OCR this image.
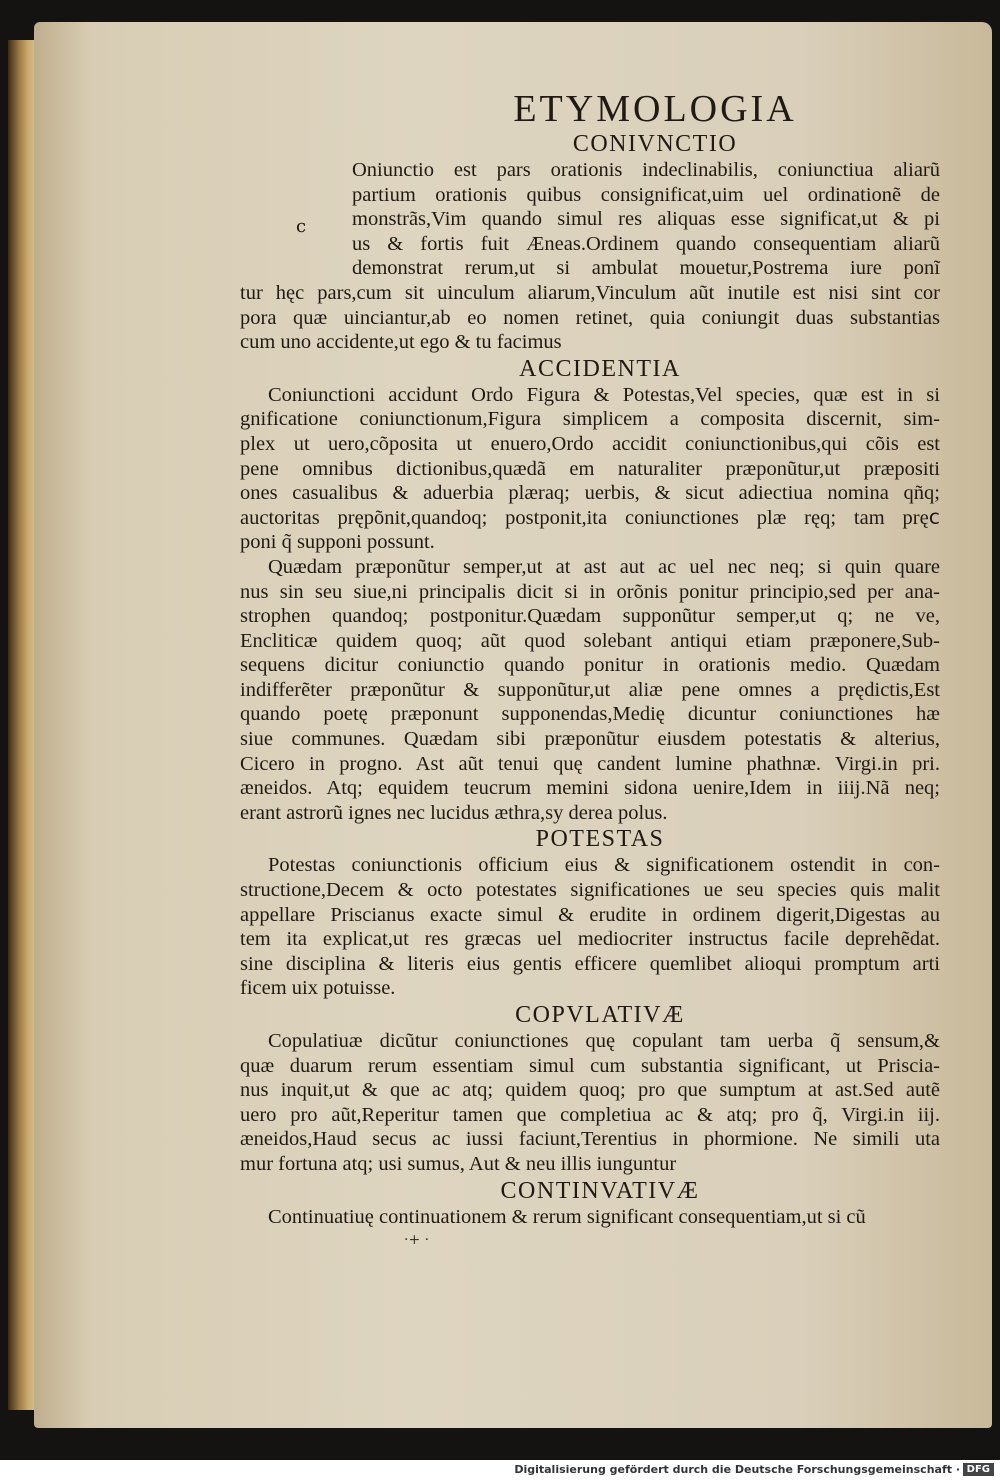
c
ETYMOLOGIA
CONIVNCTIO
Oniunctio est pars orationis indeclinabilis, coniunctiua aliarũ
partium orationis quibus consignificat,uim uel ordinationẽ de
monstrãs,Vim quando simul res aliquas esse significat,ut & pi
us & fortis fuit Æneas.Ordinem quando consequentiam aliarũ
demonstrat rerum,ut si ambulat mouetur,Postrema iure ponĩ
tur hęc pars,cum sit uinculum aliarum,Vinculum aũt inutile est nisi sint cor
pora quæ uinciantur,ab eo nomen retinet, quia coniungit duas substantias
cum uno accidente,ut ego & tu facimus
ACCIDENTIA
Coniunctioni accidunt Ordo Figura & Potestas,Vel species, quæ est in si
gnificatione coniunctionum,Figura simplicem a composita discernit, sim-
plex ut uero,cõposita ut enuero,Ordo accidit coniunctionibus,qui cõis est
pene omnibus dictionibus,quædã em naturaliter præponũtur,ut præpositi
ones casualibus & aduerbia plæraq; uerbis, & sicut adiectiua nomina qñq;
auctoritas prępõnit,quandoq; postponit,ita coniunctiones plæ ręq; tam pręⅽ
poni q̃ supponi possunt.
Quædam præponũtur semper,ut at ast aut ac uel nec neq; si quin quare
nus sin seu siue,ni principalis dicit si in orõnis ponitur principio,sed per ana-
strophen quandoq; postponitur.Quædam supponũtur semper,ut q; ne ve,
Encliticæ quidem quoq; aũt quod solebant antiqui etiam præponere,Sub-
sequens dicitur coniunctio quando ponitur in orationis medio. Quædam
indifferẽter præponũtur & supponũtur,ut aliæ pene omnes a prędictis,Est
quando poetę præponunt supponendas,Medię dicuntur coniunctiones hæ
siue communes. Quædam sibi præponũtur eiusdem potestatis & alterius,
Cicero in progno. Ast aũt tenui quę candent lumine phathnæ. Virgi.in pri.
æneidos. Atq; equidem teucrum memini sidona uenire,Idem in iiij.Nã neq;
erant astrorũ ignes nec lucidus æthra,sy derea polus.
POTESTAS
Potestas coniunctionis officium eius & significationem ostendit in con-
structione,Decem & octo potestates significationes ue seu species quis malit
appellare Priscianus exacte simul & erudite in ordinem digerit,Digestas au
tem ita explicat,ut res græcas uel mediocriter instructus facile deprehẽdat.
sine disciplina & literis eius gentis efficere quemlibet alioqui promptum arti
ficem uix potuisse.
COPVLATIVÆ
Copulatiuæ dicũtur coniunctiones quę copulant tam uerba q̃ sensum,&
quæ duarum rerum essentiam simul cum substantia significant, ut Priscia-
nus inquit,ut & que ac atq; quidem quoq; pro que sumptum at ast.Sed autẽ
uero pro aũt,Reperitur tamen que completiua ac & atq; pro q̃, Virgi.in iij.
æneidos,Haud secus ac iussi faciunt,Terentius in phormione. Ne simili uta
mur fortuna atq; usi sumus, Aut & neu illis iunguntur
CONTINVATIVÆ
Continuatiuę continuationem & rerum significant consequentiam,ut si cũ
·+ ·
Digitalisierung gefördert durch die Deutsche Forschungsgemeinschaft · DFG
